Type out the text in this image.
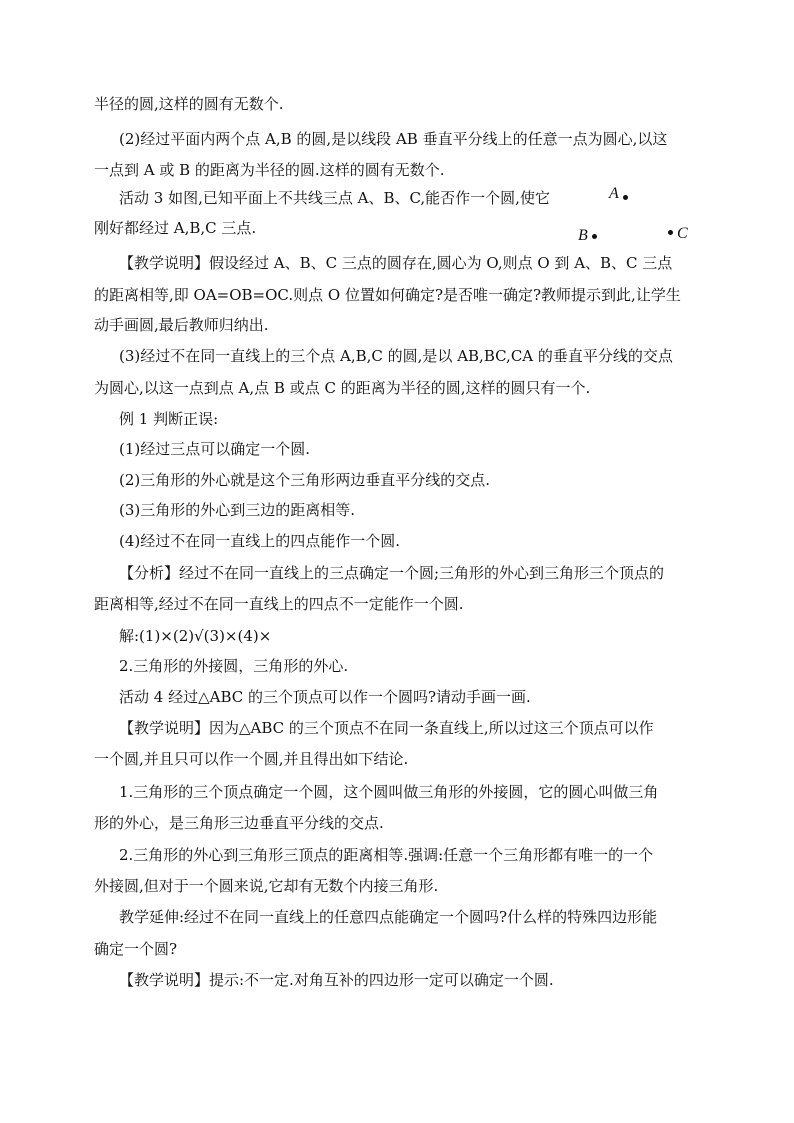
半径的圆,这样的圆有无数个.
(2)经过平面内两个点 A,B 的圆,是以线段 AB 垂直平分线上的任意一点为圆心,以这
一点到 A 或 B 的距离为半径的圆.这样的圆有无数个.
活动 3 如图,已知平面上不共线三点 A、B、C,能否作一个圆,使它
刚好都经过 A,B,C 三点.
【教学说明】假设经过 A、B、C 三点的圆存在,圆心为 O,则点 O 到 A、B、C 三点
的距离相等,即 OA=OB=OC.则点 O 位置如何确定?是否唯一确定?教师提示到此,让学生
动手画圆,最后教师归纳出.
(3)经过不在同一直线上的三个点 A,B,C 的圆,是以 AB,BC,CA 的垂直平分线的交点
为圆心,以这一点到点 A,点 B 或点 C 的距离为半径的圆,这样的圆只有一个.
例 1 判断正误:
(1)经过三点可以确定一个圆.
(2)三角形的外心就是这个三角形两边垂直平分线的交点.
(3)三角形的外心到三边的距离相等.
(4)经过不在同一直线上的四点能作一个圆.
【分析】经过不在同一直线上的三点确定一个圆;三角形的外心到三角形三个顶点的
距离相等,经过不在同一直线上的四点不一定能作一个圆.
解:(1)×(2)√(3)×(4)×
2.三角形的外接圆，三角形的外心.
活动 4 经过△ABC 的三个顶点可以作一个圆吗?请动手画一画.
【教学说明】因为△ABC 的三个顶点不在同一条直线上,所以过这三个顶点可以作
一个圆,并且只可以作一个圆,并且得出如下结论.
1.三角形的三个顶点确定一个圆，这个圆叫做三角形的外接圆，它的圆心叫做三角
形的外心，是三角形三边垂直平分线的交点.
2.三角形的外心到三角形三顶点的距离相等.强调:任意一个三角形都有唯一的一个
外接圆,但对于一个圆来说,它却有无数个内接三角形.
教学延伸:经过不在同一直线上的任意四点能确定一个圆吗?什么样的特殊四边形能
确定一个圆?
【教学说明】提示:不一定.对角互补的四边形一定可以确定一个圆.
A
B	C
